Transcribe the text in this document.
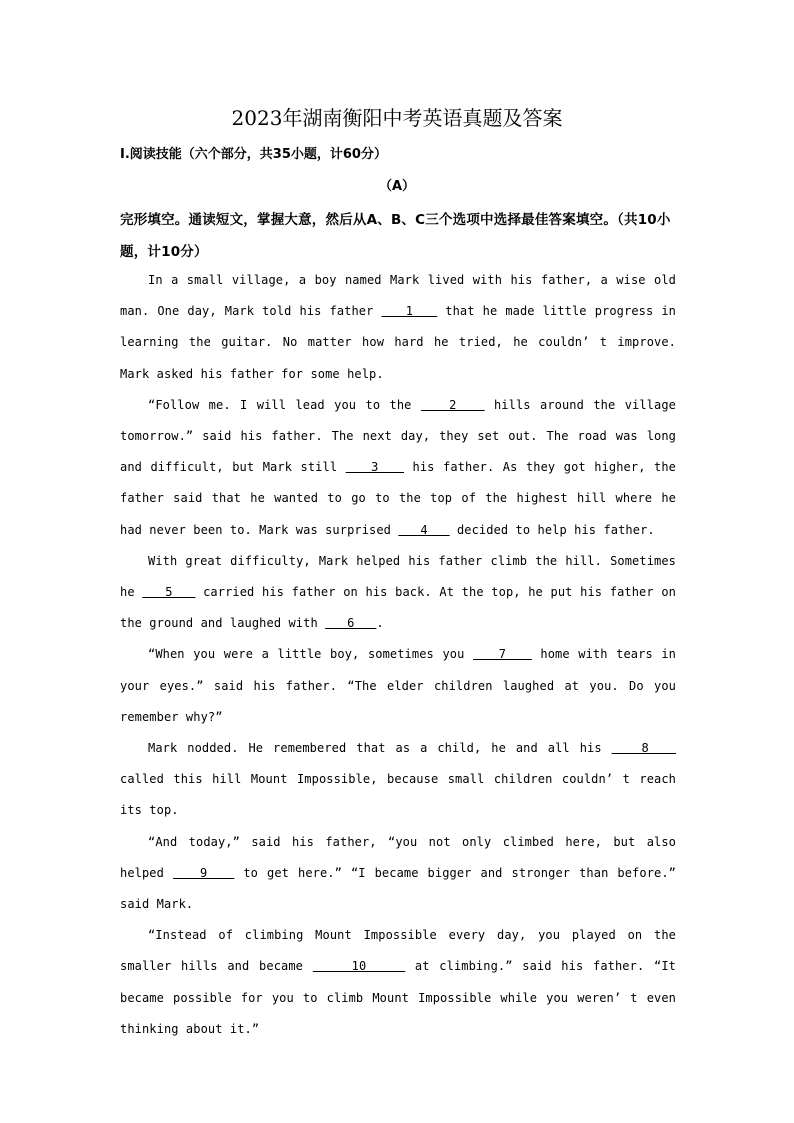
2023年湖南衡阳中考英语真题及答案
I.阅读技能（六个部分，共35小题，计60分）
（A）
完形填空。通读短文，掌握大意，然后从A、B、C三个选项中选择最佳答案填空。（共10小题，计10分）

In a small village, a boy named Mark lived with his father, a wise old man. One day, Mark told his father    1    that he made little progress in learning the guitar. No matter how hard he tried, he couldn’ t improve. Mark asked his father for some help.

“Follow me. I will lead you to the    2    hills around the village tomorrow.” said his father. The next day, they set out. The road was long and difficult, but Mark still    3    his father. As they got higher, the father said that he wanted to go to the top of the highest hill where he had never been to. Mark was surprised    4    decided to help his father.

With great difficulty, Mark helped his father climb the hill. Sometimes he    5    carried his father on his back. At the top, he put his father on the ground and laughed with    6   .

“When you were a little boy, sometimes you    7    home with tears in your eyes.” said his father. “The elder children laughed at you. Do you remember why?”

Mark nodded. He remembered that as a child, he and all his    8    called this hill Mount Impossible, because small children couldn’ t reach its top.

“And today,” said his father, “you not only climbed here, but also helped    9    to get here.” “I became bigger and stronger than before.” said Mark.

“Instead of climbing Mount Impossible every day, you played on the smaller hills and became     10     at climbing.” said his father. “It became possible for you to climb Mount Impossible while you weren’ t even thinking about it.”
